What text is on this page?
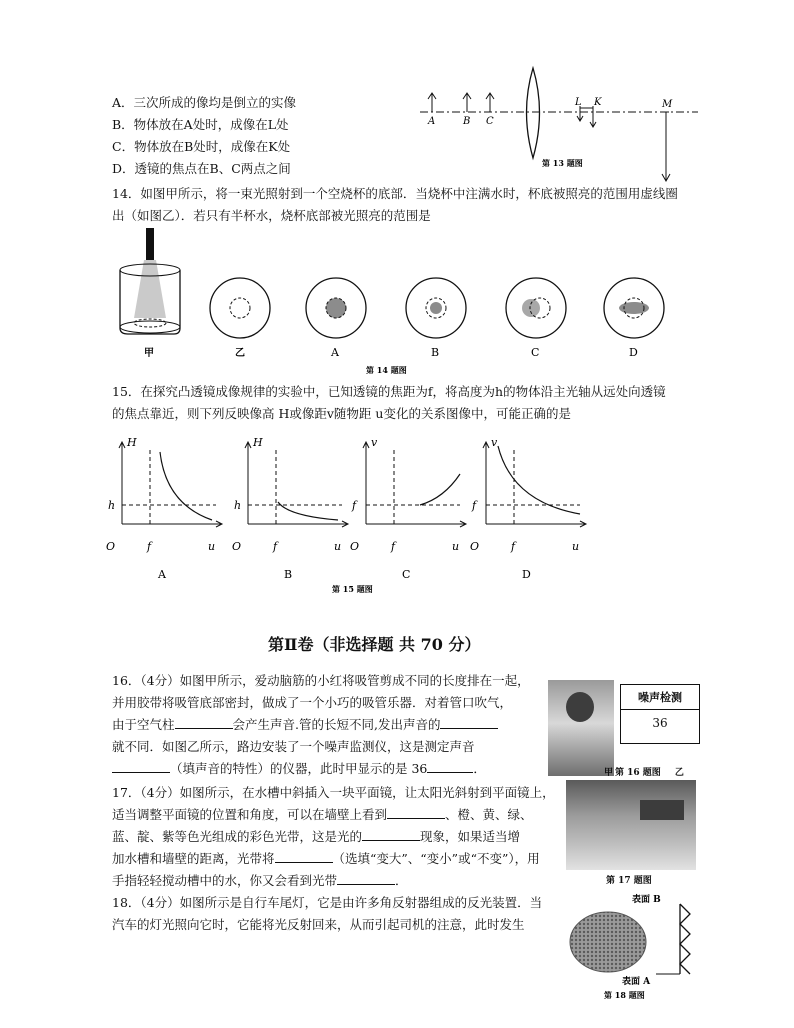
A．三次所成的像均是倒立的实像
B．物体放在A处时，成像在L处
C．物体放在B处时，成像在K处
D．透镜的焦点在B、C两点之间
A	B C
L K	M
第 13 题图
14．如图甲所示，将一束光照射到一个空烧杯的底部．当烧杯中注满水时，杯底被照亮的范围用虚线圈
出（如图乙）．若只有半杯水，烧杯底部被光照亮的范围是
甲	乙	A	B	C	D
第 14 题图
15．在探究凸透镜成像规律的实验中，已知透镜的焦距为f，将高度为h的物体沿主光轴从远处向透镜
的焦点靠近，则下列反映像高 H或像距v随物距 u变化的关系图像中，可能正确的是
H
h
O	f	u
A
H
h
O	f	u
B
v
f
O	f	u
C
v
f
O	f	u
D
第 15 题图
第Ⅱ卷（非选择题 共 70 分）
16．（4分）如图甲所示，爱动脑筋的小红将吸管剪成不同的长度排在一起，
并用胶带将吸管底部密封，做成了一个小巧的吸管乐器．对着管口吹气，
由于空气柱	会产生声音.管的长短不同,发出声音的
就不同．如图乙所示，路边安装了一个噪声监测仪，这是测定声音
（填声音的特性）的仪器，此时甲显示的是 36	．
噪声检测
36
甲 第 16 题图 乙
17．（4分）如图所示，在水槽中斜插入一块平面镜，让太阳光斜射到平面镜上，
适当调整平面镜的位置和角度，可以在墙壁上看到	、橙、黄、绿、
蓝、靛、紫等色光组成的彩色光带，这是光的	现象，如果适当增
加水槽和墙壁的距离，光带将	（选填“变大”、“变小”或“不变”），用
手指轻轻搅动槽中的水，你又会看到光带	．	第 17 题图
18．（4分）如图所示是自行车尾灯，它是由许多角反射器组成的反光装置．当
汽车的灯光照向它时，它能将光反射回来，从而引起司机的注意，此时发生
表面 B
表面 A
第 18 题图
